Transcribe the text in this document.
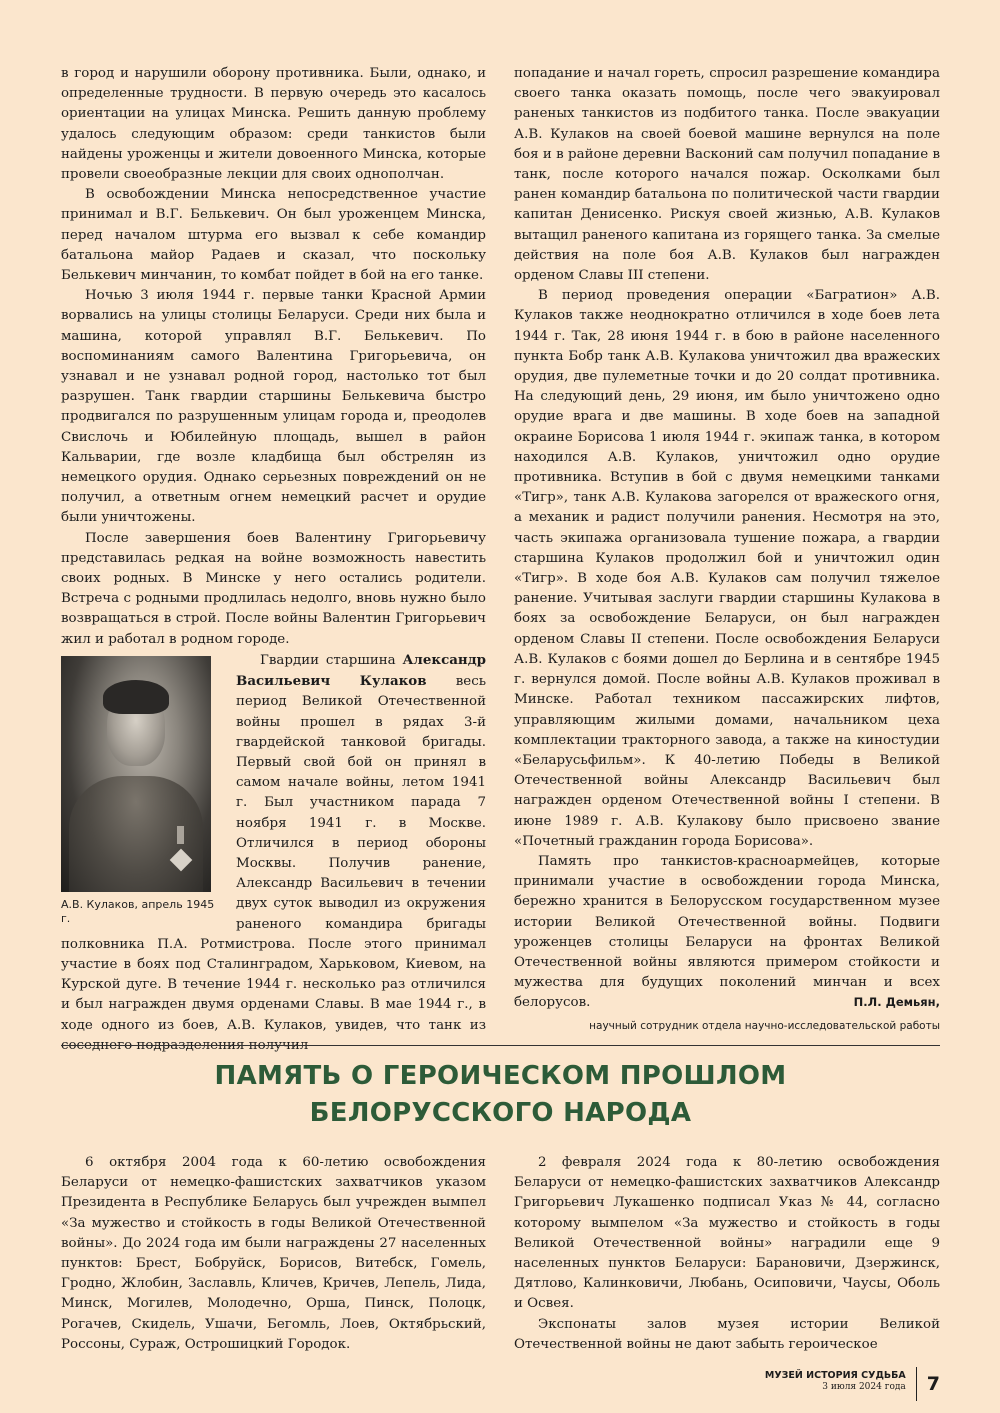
в город и нарушили оборону противника. Были, однако, и определенные трудности. В первую очередь это касалось ориентации на улицах Минска. Решить данную проблему удалось следующим образом: среди танкистов были найдены уроженцы и жители довоенного Минска, которые провели своеобразные лекции для своих однополчан.

В освобождении Минска непосредственное участие принимал и В.Г. Белькевич. Он был уроженцем Минска, перед началом штурма его вызвал к себе командир батальона майор Радаев и сказал, что поскольку Белькевич минчанин, то комбат пойдет в бой на его танке.

Ночью 3 июля 1944 г. первые танки Красной Армии ворвались на улицы столицы Беларуси. Среди них была и машина, которой управлял В.Г. Белькевич. По воспоминаниям самого Валентина Григорьевича, он узнавал и не узнавал родной город, настолько тот был разрушен. Танк гвардии старшины Белькевича быстро продвигался по разрушенным улицам города и, преодолев Свислочь и Юбилейную площадь, вышел в район Кальварии, где возле кладбища был обстрелян из немецкого орудия. Однако серьезных повреждений он не получил, а ответным огнем немецкий расчет и орудие были уничтожены.

После завершения боев Валентину Григорьевичу представилась редкая на войне возможность навестить своих родных. В Минске у него остались родители. Встреча с родными продлилась недолго, вновь нужно было возвращаться в строй. После войны Валентин Григорьевич жил и работал в родном городе.

А.В. Кулаков, апрель 1945 г.

Гвардии старшина Александр Васильевич Кулаков весь период Великой Отечественной войны прошел в рядах 3-й гвардейской танковой бригады. Первый свой бой он принял в самом начале войны, летом 1941 г. Был участником парада 7 ноября 1941 г. в Москве. Отличился в период обороны Москвы. Получив ранение, Александр Васильевич в течении двух суток выводил из окружения раненого командира бригады полковника П.А. Ротмистрова. После этого принимал участие в боях под Сталинградом, Харьковом, Киевом, на Курской дуге. В течение 1944 г. несколько раз отличился и был награжден двумя орденами Славы. В мае 1944 г., в ходе одного из боев, А.В. Кулаков, увидев, что танк из соседнего подразделения получил

попадание и начал гореть, спросил разрешение командира своего танка оказать помощь, после чего эвакуировал раненых танкистов из подбитого танка. После эвакуации А.В. Кулаков на своей боевой машине вернулся на поле боя и в районе деревни Васконий сам получил попадание в танк, после которого начался пожар. Осколками был ранен командир батальона по политической части гвардии капитан Денисенко. Рискуя своей жизнью, А.В. Кулаков вытащил раненого капитана из горящего танка. За смелые действия на поле боя А.В. Кулаков был награжден орденом Славы III степени.

В период проведения операции «Багратион» А.В. Кулаков также неоднократно отличился в ходе боев лета 1944 г. Так, 28 июня 1944 г. в бою в районе населенного пункта Бобр танк А.В. Кулакова уничтожил два вражеских орудия, две пулеметные точки и до 20 солдат противника. На следующий день, 29 июня, им было уничтожено одно орудие врага и две машины. В ходе боев на западной окраине Борисова 1 июля 1944 г. экипаж танка, в котором находился А.В. Кулаков, уничтожил одно орудие противника. Вступив в бой с двумя немецкими танками «Тигр», танк А.В. Кулакова загорелся от вражеского огня, а механик и радист получили ранения. Несмотря на это, часть экипажа организовала тушение пожара, а гвардии старшина Кулаков продолжил бой и уничтожил один «Тигр». В ходе боя А.В. Кулаков сам получил тяжелое ранение. Учитывая заслуги гвардии старшины Кулакова в боях за освобождение Беларуси, он был награжден орденом Славы II степени. После освобождения Беларуси А.В. Кулаков с боями дошел до Берлина и в сентябре 1945 г. вернулся домой. После войны А.В. Кулаков проживал в Минске. Работал техником пассажирских лифтов, управляющим жилыми домами, начальником цеха комплектации тракторного завода, а также на киностудии «Беларусьфильм». К 40-летию Победы в Великой Отечественной войны Александр Васильевич был награжден орденом Отечественной войны I степени. В июне 1989 г. А.В. Кулакову было присвоено звание «Почетный гражданин города Борисова».

Память про танкистов-красноармейцев, которые принимали участие в освобождении города Минска, бережно хранится в Белорусском государственном музее истории Великой Отечественной войны. Подвиги уроженцев столицы Беларуси на фронтах Великой Отечественной войны являются примером стойкости и мужества для будущих поколений минчан и всех белорусов.	П.Л. Демьян,
научный сотрудник отдела научно-исследовательской работы
ПАМЯТЬ О ГЕРОИЧЕСКОМ ПРОШЛОМ
БЕЛОРУССКОГО НАРОДА

6 октября 2004 года к 60-летию освобождения Беларуси от немецко-фашистских захватчиков указом Президента в Республике Беларусь был учрежден вымпел «За мужество и стойкость в годы Великой Отечественной войны». До 2024 года им были награждены 27 населенных пунктов: Брест, Бобруйск, Борисов, Витебск, Гомель, Гродно, Жлобин, Заславль, Кличев, Кричев, Лепель, Лида, Минск, Могилев, Молодечно, Орша, Пинск, Полоцк, Рогачев, Скидель, Ушачи, Бегомль, Лоев, Октябрьский, Россоны, Сураж, Острошицкий Городок.

2 февраля 2024 года к 80-летию освобождения Беларуси от немецко-фашистских захватчиков Александр Григорьевич Лукашенко подписал Указ № 44, согласно которому вымпелом «За мужество и стойкость в годы Великой Отечественной войны» наградили еще 9 населенных пунктов Беларуси: Барановичи, Дзержинск, Дятлово, Калинковичи, Любань, Осиповичи, Чаусы, Оболь и Освея.

Экспонаты залов музея истории Великой Отечественной войны не дают забыть героическое

МУЗЕЙ ИСТОРИЯ СУДЬБА
3 июля 2024 года	7
